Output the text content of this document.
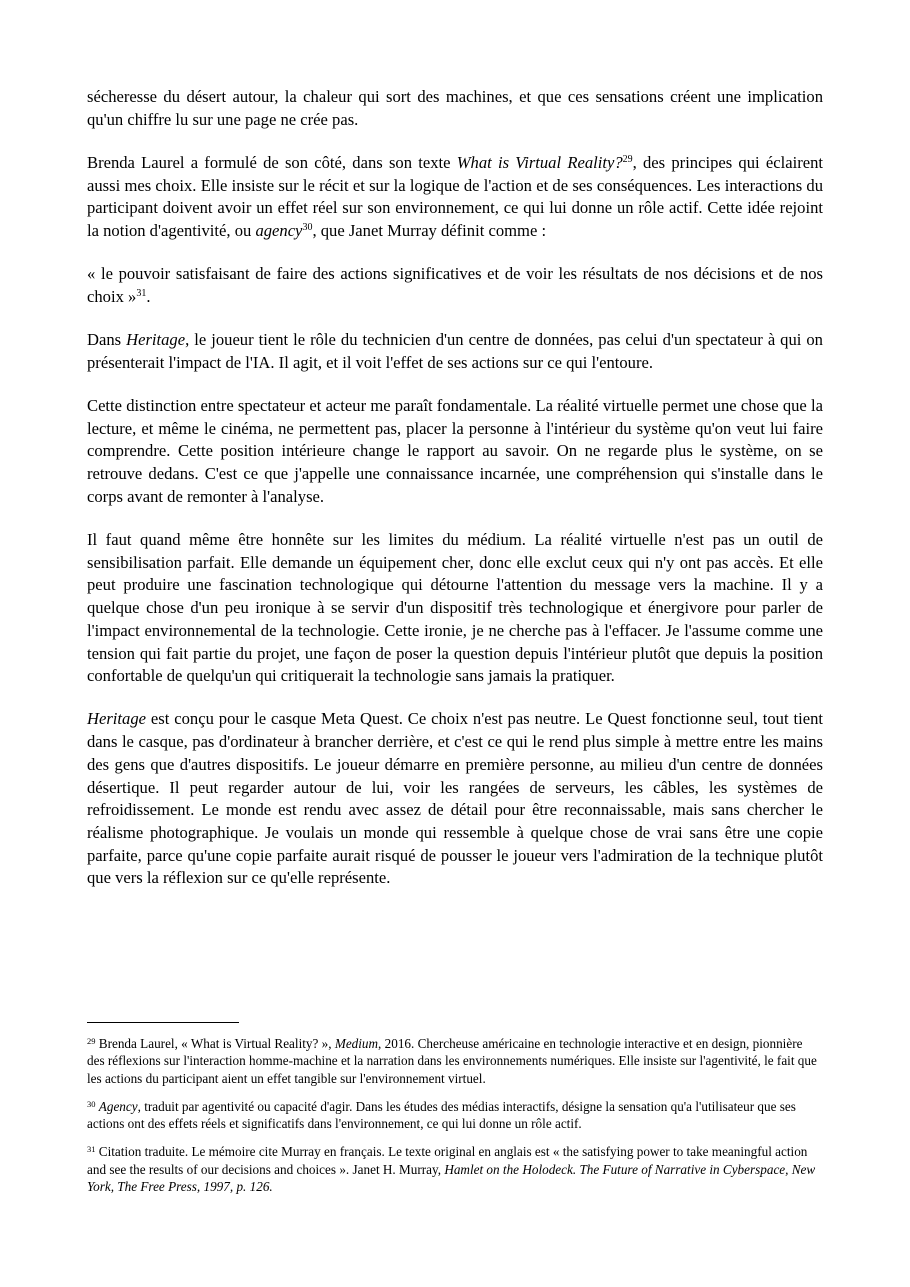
sécheresse du désert autour, la chaleur qui sort des machines, et que ces sensations créent une implication qu'un chiffre lu sur une page ne crée pas.

Brenda Laurel a formulé de son côté, dans son texte What is Virtual Reality?$^{29}$, des principes qui éclairent aussi mes choix. Elle insiste sur le récit et sur la logique de l'action et de ses conséquences. Les interactions du participant doivent avoir un effet réel sur son environnement, ce qui lui donne un rôle actif. Cette idée rejoint la notion d'agentivité, ou agency$^{30}$, que Janet Murray définit comme :

« le pouvoir satisfaisant de faire des actions significatives et de voir les résultats de nos décisions et de nos choix »$^{31}$.

Dans Heritage, le joueur tient le rôle du technicien d'un centre de données, pas celui d'un spectateur à qui on présenterait l'impact de l'IA. Il agit, et il voit l'effet de ses actions sur ce qui l'entoure.

Cette distinction entre spectateur et acteur me paraît fondamentale. La réalité virtuelle permet une chose que la lecture, et même le cinéma, ne permettent pas, placer la personne à l'intérieur du système qu'on veut lui faire comprendre. Cette position intérieure change le rapport au savoir. On ne regarde plus le système, on se retrouve dedans. C'est ce que j'appelle une connaissance incarnée, une compréhension qui s'installe dans le corps avant de remonter à l'analyse.

Il faut quand même être honnête sur les limites du médium. La réalité virtuelle n'est pas un outil de sensibilisation parfait. Elle demande un équipement cher, donc elle exclut ceux qui n'y ont pas accès. Et elle peut produire une fascination technologique qui détourne l'attention du message vers la machine. Il y a quelque chose d'un peu ironique à se servir d'un dispositif très technologique et énergivore pour parler de l'impact environnemental de la technologie. Cette ironie, je ne cherche pas à l'effacer. Je l'assume comme une tension qui fait partie du projet, une façon de poser la question depuis l'intérieur plutôt que depuis la position confortable de quelqu'un qui critiquerait la technologie sans jamais la pratiquer.

Heritage est conçu pour le casque Meta Quest. Ce choix n'est pas neutre. Le Quest fonctionne seul, tout tient dans le casque, pas d'ordinateur à brancher derrière, et c'est ce qui le rend plus simple à mettre entre les mains des gens que d'autres dispositifs. Le joueur démarre en première personne, au milieu d'un centre de données désertique. Il peut regarder autour de lui, voir les rangées de serveurs, les câbles, les systèmes de refroidissement. Le monde est rendu avec assez de détail pour être reconnaissable, mais sans chercher le réalisme photographique. Je voulais un monde qui ressemble à quelque chose de vrai sans être une copie parfaite, parce qu'une copie parfaite aurait risqué de pousser le joueur vers l'admiration de la technique plutôt que vers la réflexion sur ce qu'elle représente.

$^{29}$ Brenda Laurel, « What is Virtual Reality? », Medium, 2016. Chercheuse américaine en technologie interactive et en design, pionnière des réflexions sur l'interaction homme-machine et la narration dans les environnements numériques. Elle insiste sur l'agentivité, le fait que les actions du participant aient un effet tangible sur l'environnement virtuel.

$^{30}$ Agency, traduit par agentivité ou capacité d'agir. Dans les études des médias interactifs, désigne la sensation qu'a l'utilisateur que ses actions ont des effets réels et significatifs dans l'environnement, ce qui lui donne un rôle actif.

$^{31}$ Citation traduite. Le mémoire cite Murray en français. Le texte original en anglais est « the satisfying power to take meaningful action and see the results of our decisions and choices ». Janet H. Murray, Hamlet on the Holodeck. The Future of Narrative in Cyberspace, New York, The Free Press, 1997, p. 126.
